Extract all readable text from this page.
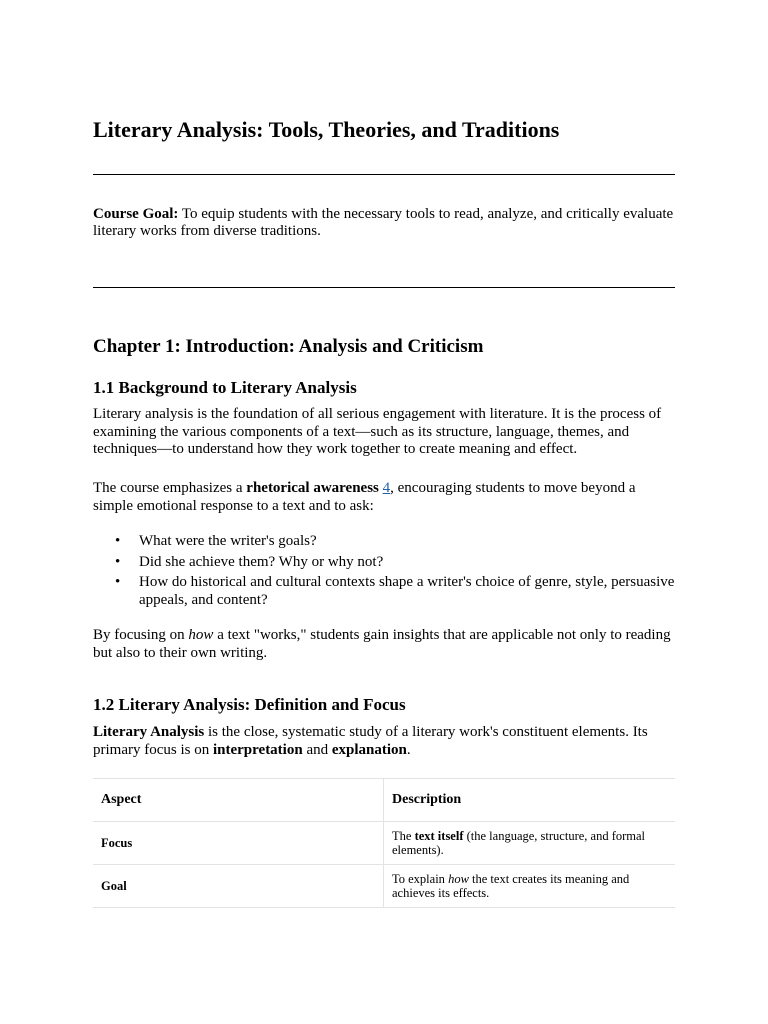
Literary Analysis: Tools, Theories, and Traditions

Course Goal: To equip students with the necessary tools to read, analyze, and critically evaluate literary works from diverse traditions.

Chapter 1: Introduction: Analysis and Criticism
1.1 Background to Literary Analysis

Literary analysis is the foundation of all serious engagement with literature. It is the process of examining the various components of a text—such as its structure, language, themes, and techniques—to understand how they work together to create meaning and effect.

The course emphasizes a rhetorical awareness 4, encouraging students to move beyond a simple emotional response to a text and to ask:

• What were the writer's goals?
• Did she achieve them? Why or why not?
• How do historical and cultural contexts shape a writer's choice of genre, style, persuasive appeals, and content?

By focusing on how a text "works," students gain insights that are applicable not only to reading but also to their own writing.

1.2 Literary Analysis: Definition and Focus

Literary Analysis is the close, systematic study of a literary work's constituent elements. Its primary focus is on interpretation and explanation.

Aspect	Description
Focus	The text itself (the language, structure, and formal elements).
Goal	To explain how the text creates its meaning and achieves its effects.
